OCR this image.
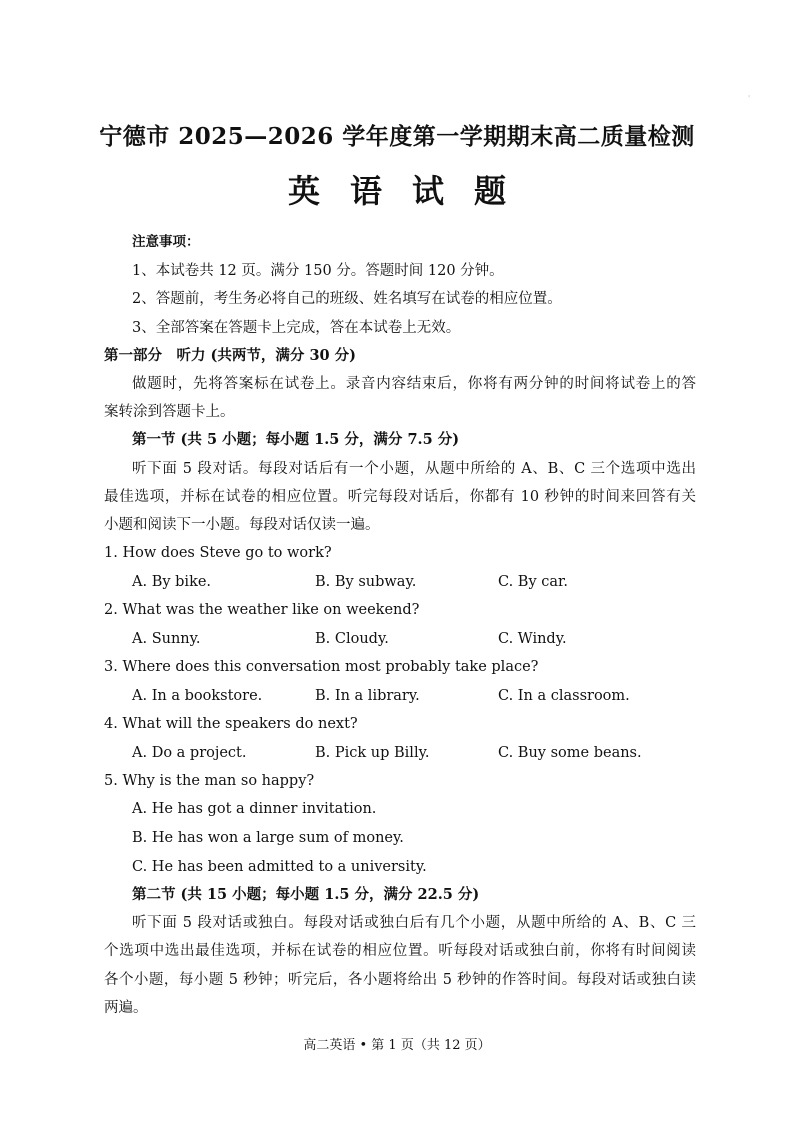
'
宁德市 2025—2026 学年度第一学期期末高二质量检测
英语试题
注意事项：
1、本试卷共 12 页。满分 150 分。答题时间 120 分钟。
2、答题前，考生务必将自己的班级、姓名填写在试卷的相应位置。
3、全部答案在答题卡上完成，答在本试卷上无效。
第一部分　听力 (共两节，满分 30 分)
做题时，先将答案标在试卷上。录音内容结束后，你将有两分钟的时间将试卷上的答
案转涂到答题卡上。
第一节 (共 5 小题；每小题 1.5 分，满分 7.5 分)
听下面 5 段对话。每段对话后有一个小题，从题中所给的 A、B、C 三个选项中选出
最佳选项，并标在试卷的相应位置。听完每段对话后，你都有 10 秒钟的时间来回答有关
小题和阅读下一小题。每段对话仅读一遍。
1. How does Steve go to work?
A. By bike.	B. By subway.	C. By car.
2. What was the weather like on weekend?
A. Sunny.	B. Cloudy.	C. Windy.
3. Where does this conversation most probably take place?
A. In a bookstore.	B. In a library.	C. In a classroom.
4. What will the speakers do next?
A. Do a project.	B. Pick up Billy.	C. Buy some beans.
5. Why is the man so happy?
A. He has got a dinner invitation.
B. He has won a large sum of money.
C. He has been admitted to a university.
第二节 (共 15 小题；每小题 1.5 分，满分 22.5 分)
听下面 5 段对话或独白。每段对话或独白后有几个小题，从题中所给的 A、B、C 三
个选项中选出最佳选项，并标在试卷的相应位置。听每段对话或独白前，你将有时间阅读
各个小题，每小题 5 秒钟；听完后，各小题将给出 5 秒钟的作答时间。每段对话或独白读
两遍。
高二英语 • 第 1 页（共 12 页）
